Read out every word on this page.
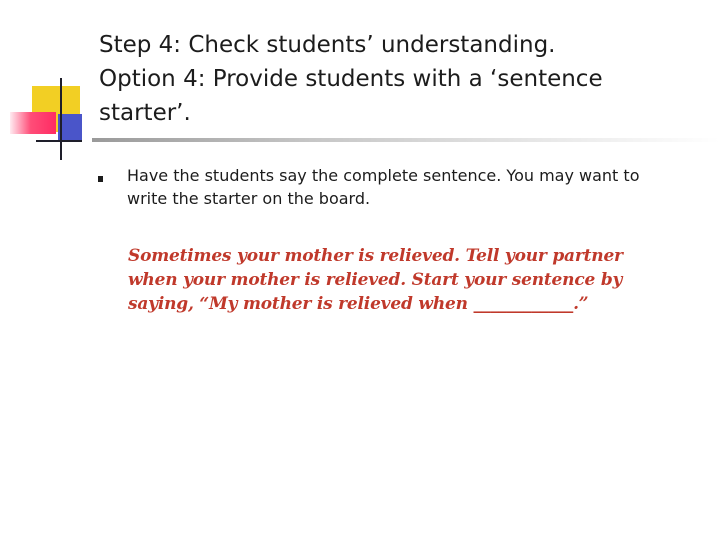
Step 4: Check students’ understanding.
Option 4: Provide students with a ‘sentence
starter’.

Have the students say the complete sentence. You may want to
write the starter on the board.

Sometimes your mother is relieved. Tell your partner
when your mother is relieved. Start your sentence by
saying, “My mother is relieved when ____________.”
